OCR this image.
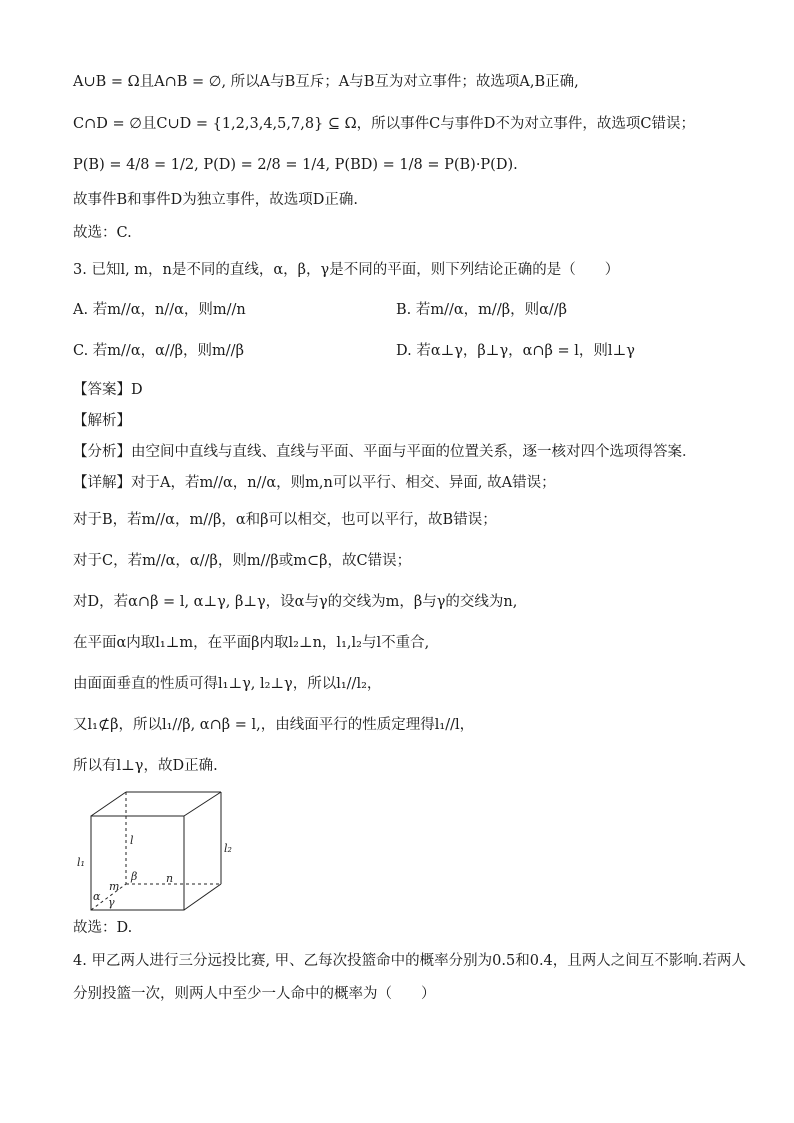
A∪B = Ω且A∩B = ∅, 所以A与B互斥；A与B互为对立事件；故选项A,B正确,
C∩D = ∅且C∪D = {1,2,3,4,5,7,8} ⊆ Ω，所以事件C与事件D不为对立事件，故选项C错误；
P(B) = 4/8 = 1/2, P(D) = 2/8 = 1/4, P(BD) = 1/8 = P(B)·P(D).
故事件B和事件D为独立事件，故选项D正确.
故选：C.
3. 已知l, m，n是不同的直线，α，β，γ是不同的平面，则下列结论正确的是（　　）
A. 若m//α，n//α，则m//n	B. 若m//α，m//β，则α//β
C. 若m//α，α//β，则m//β	D. 若α⊥γ，β⊥γ，α∩β = l，则l⊥γ
【答案】D
【解析】
【分析】由空间中直线与直线、直线与平面、平面与平面的位置关系，逐一核对四个选项得答案．
【详解】对于A，若m//α，n//α，则m,n可以平行、相交、异面, 故A错误；
对于B，若m//α，m//β，α和β可以相交，也可以平行，故B错误；
对于C，若m//α，α//β，则m//β或m⊂β，故C错误；
对D，若α∩β = l, α⊥γ, β⊥γ，设α与γ的交线为m，β与γ的交线为n,
在平面α内取l₁⊥m，在平面β内取l₂⊥n，l₁,l₂与l不重合,
由面面垂直的性质可得l₁⊥γ, l₂⊥γ，所以l₁//l₂，
又l₁⊄β，所以l₁//β, α∩β = l,，由线面平行的性质定理得l₁//l，
所以有l⊥γ，故D正确.
l
l₁
l₂
β	n
m
α γ
故选：D.
4. 甲乙两人进行三分远投比赛, 甲、乙每次投篮命中的概率分别为0.5和0.4，且两人之间互不影响.若两人
分别投篮一次，则两人中至少一人命中的概率为（　　）
